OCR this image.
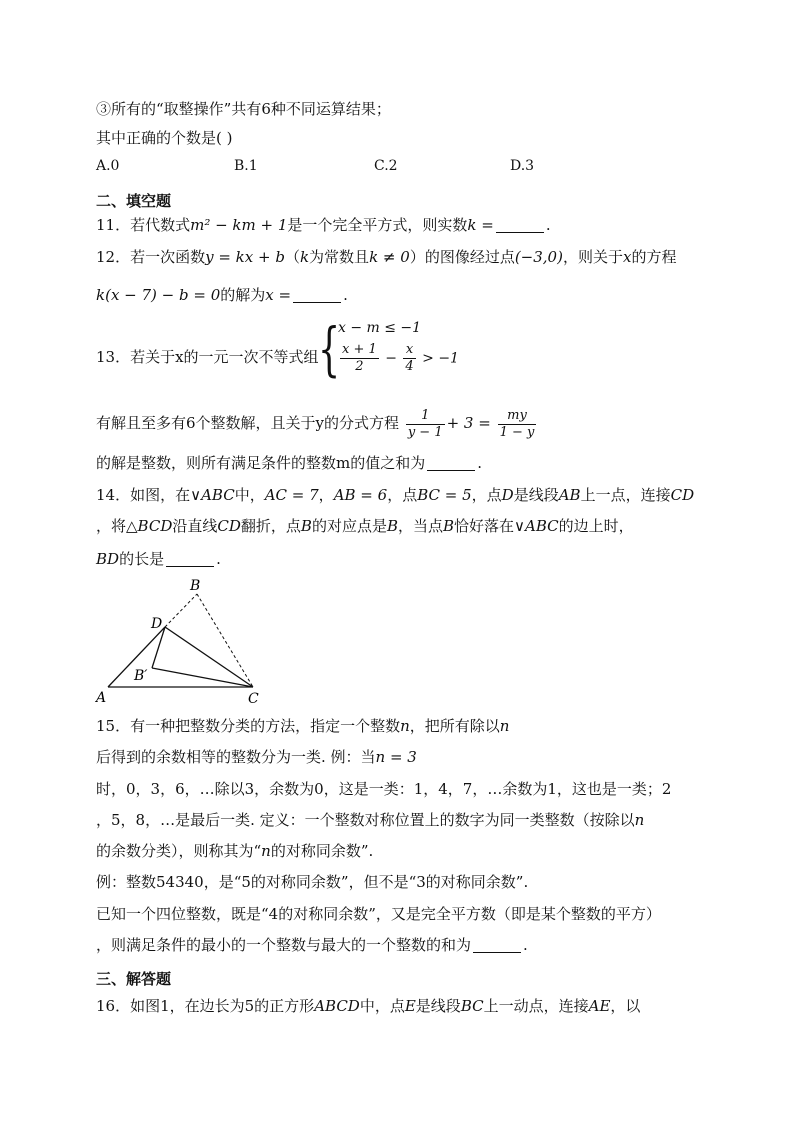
③所有的“取整操作”共有6种不同运算结果；
其中正确的个数是( )
A.0	B.1	C.2	D.3
二、填空题
11．若代数式m² − km + 1是一个完全平方式，则实数k =	.
12．若一次函数y = kx + b（k为常数且k ≠ 0）的图像经过点(−3,0)，则关于x的方程
k(x − 7) − b = 0的解为x =	.
13．若关于x的一元一次不等式组 {
x − m ≤ −1
$\frac{x + 1}{2} - \frac{x}{4} > -1$
有解且至多有6个整数解，且关于y的分式方程 $\frac{1}{y - 1} + 3 = \frac{my}{1 - y}$
的解是整数，则所有满足条件的整数m的值之和为	.
14．如图，在∨ABC中，AC = 7，AB = 6，点BC = 5，点D是线段AB上一点，连接CD
，将△BCD沿直线CD翻折，点B的对应点是B，当点B恰好落在∨ABC的边上时，
BD的长是	.
A
B
C
D
B′
15．有一种把整数分类的方法，指定一个整数n，把所有除以n
后得到的余数相等的整数分为一类. 例：当n = 3
时，0，3，6，…除以3，余数为0，这是一类：1，4，7，…余数为1，这也是一类；2
，5，8，…是最后一类. 定义：一个整数对称位置上的数字为同一类整数（按除以n
的余数分类），则称其为“n的对称同余数”.
例：整数54340，是“5的对称同余数”，但不是“3的对称同余数”.
已知一个四位整数，既是“4的对称同余数”，又是完全平方数（即是某个整数的平方）
，则满足条件的最小的一个整数与最大的一个整数的和为	.
三、解答题
16．如图1，在边长为5的正方形ABCD中，点E是线段BC上一动点，连接AE，以
